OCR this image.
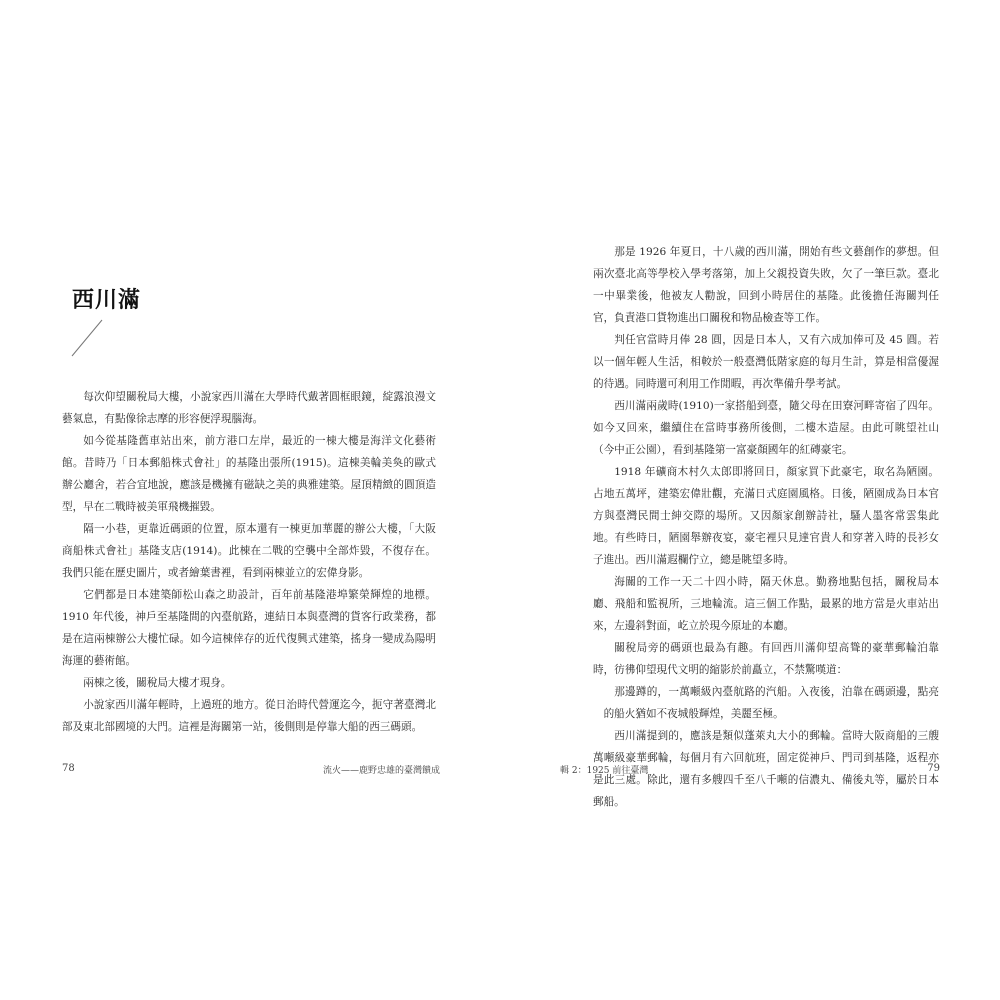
西川滿

每次仰望關稅局大樓，小說家西川滿在大學時代戴著圓框眼鏡，綻露浪漫文藝氣息，有點像徐志摩的形容便浮現腦海。

如今從基隆舊車站出來，前方港口左岸，最近的一棟大樓是海洋文化藝術館。昔時乃「日本郵船株式會社」的基隆出張所(1915)。這棟美輪美奐的歐式辦公廳舍，若合宜地說，應該是機擁有磁缺之美的典雅建築。屋頂精緻的圓頂造型，早在二戰時被美軍飛機摧毀。

隔一小巷，更靠近碼頭的位置，原本還有一棟更加華麗的辦公大樓，「大阪商船株式會社」基隆支店(1914)。此棟在二戰的空襲中全部炸毀，不復存在。我們只能在歷史圖片，或者繪葉書裡，看到兩棟並立的宏偉身影。

它們都是日本建築師松山森之助設計，百年前基隆港埠繁榮輝煌的地標。1910 年代後，神戶至基隆間的內臺航路，連結日本與臺灣的貨客行政業務，都是在這兩棟辦公大樓忙碌。如今這棟倖存的近代復興式建築，搖身一變成為陽明海運的藝術館。

兩棟之後，關稅局大樓才現身。

小說家西川滿年輕時，上過班的地方。從日治時代營運迄今，扼守著臺灣北部及東北部國境的大門。這裡是海關第一站，後側則是停靠大船的西三碼頭。

78	流火——鹿野忠雄的臺灣饋成

那是 1926 年夏日，十八歲的西川滿，開始有些文藝創作的夢想。但兩次臺北高等學校入學考落第，加上父親投資失敗，欠了一筆巨款。臺北一中畢業後，他被友人勸說，回到小時居住的基隆。此後擔任海關判任官，負責港口貨物進出口關稅和物品檢查等工作。

判任官當時月俸 28 圓，因是日本人，又有六成加俸可及 45 圓。若以一個年輕人生活，相較於一般臺灣低階家庭的每月生計，算是相當優渥的待遇。同時還可利用工作閒暇，再次準備升學考試。

西川滿兩歲時(1910)一家搭船到臺，隨父母在田寮河畔寄宿了四年。如今又回來，繼續住在當時事務所後側，二樓木造屋。由此可眺望社山（今中正公園），看到基隆第一富豪顏國年的紅磚豪宅。

1918 年礦商木村久太郎即將回日，顏家買下此豪宅，取名為陋園。占地五萬坪，建築宏偉壯觀，充滿日式庭園風格。日後，陋園成為日本官方與臺灣民間士紳交際的場所。又因顏家創辦詩社，騷人墨客常雲集此地。有些時日，陋園舉辦夜宴，豪宅裡只見達官貴人和穿著入時的長衫女子進出。西川滿遐欄佇立，總是眺望多時。

海關的工作一天二十四小時，隔天休息。勤務地點包括，關稅局本廳、飛船和監視所，三地輪流。這三個工作點，最累的地方當是火車站出來，左邊斜對面，屹立於現今原址的本廳。

關稅局旁的碼頭也最為有趣。有回西川滿仰望高聳的豪華郵輪泊靠時，彷彿仰望現代文明的縮影於前矗立，不禁驚嘆道：

那邊蹲的，一萬噸級內臺航路的汽船。入夜後，泊靠在碼頭邊，點亮的船火猶如不夜城般輝煌，美麗至極。

西川滿提到的，應該是類似蓬萊丸大小的郵輪。當時大阪商船的三艘萬噸級豪華郵輪，每個月有六回航班，固定從神戶、門司到基隆，返程亦是此三處。除此，還有多艘四千至八千噸的信濃丸、備後丸等，屬於日本郵船。

輯 2：1925 前往臺灣	79
